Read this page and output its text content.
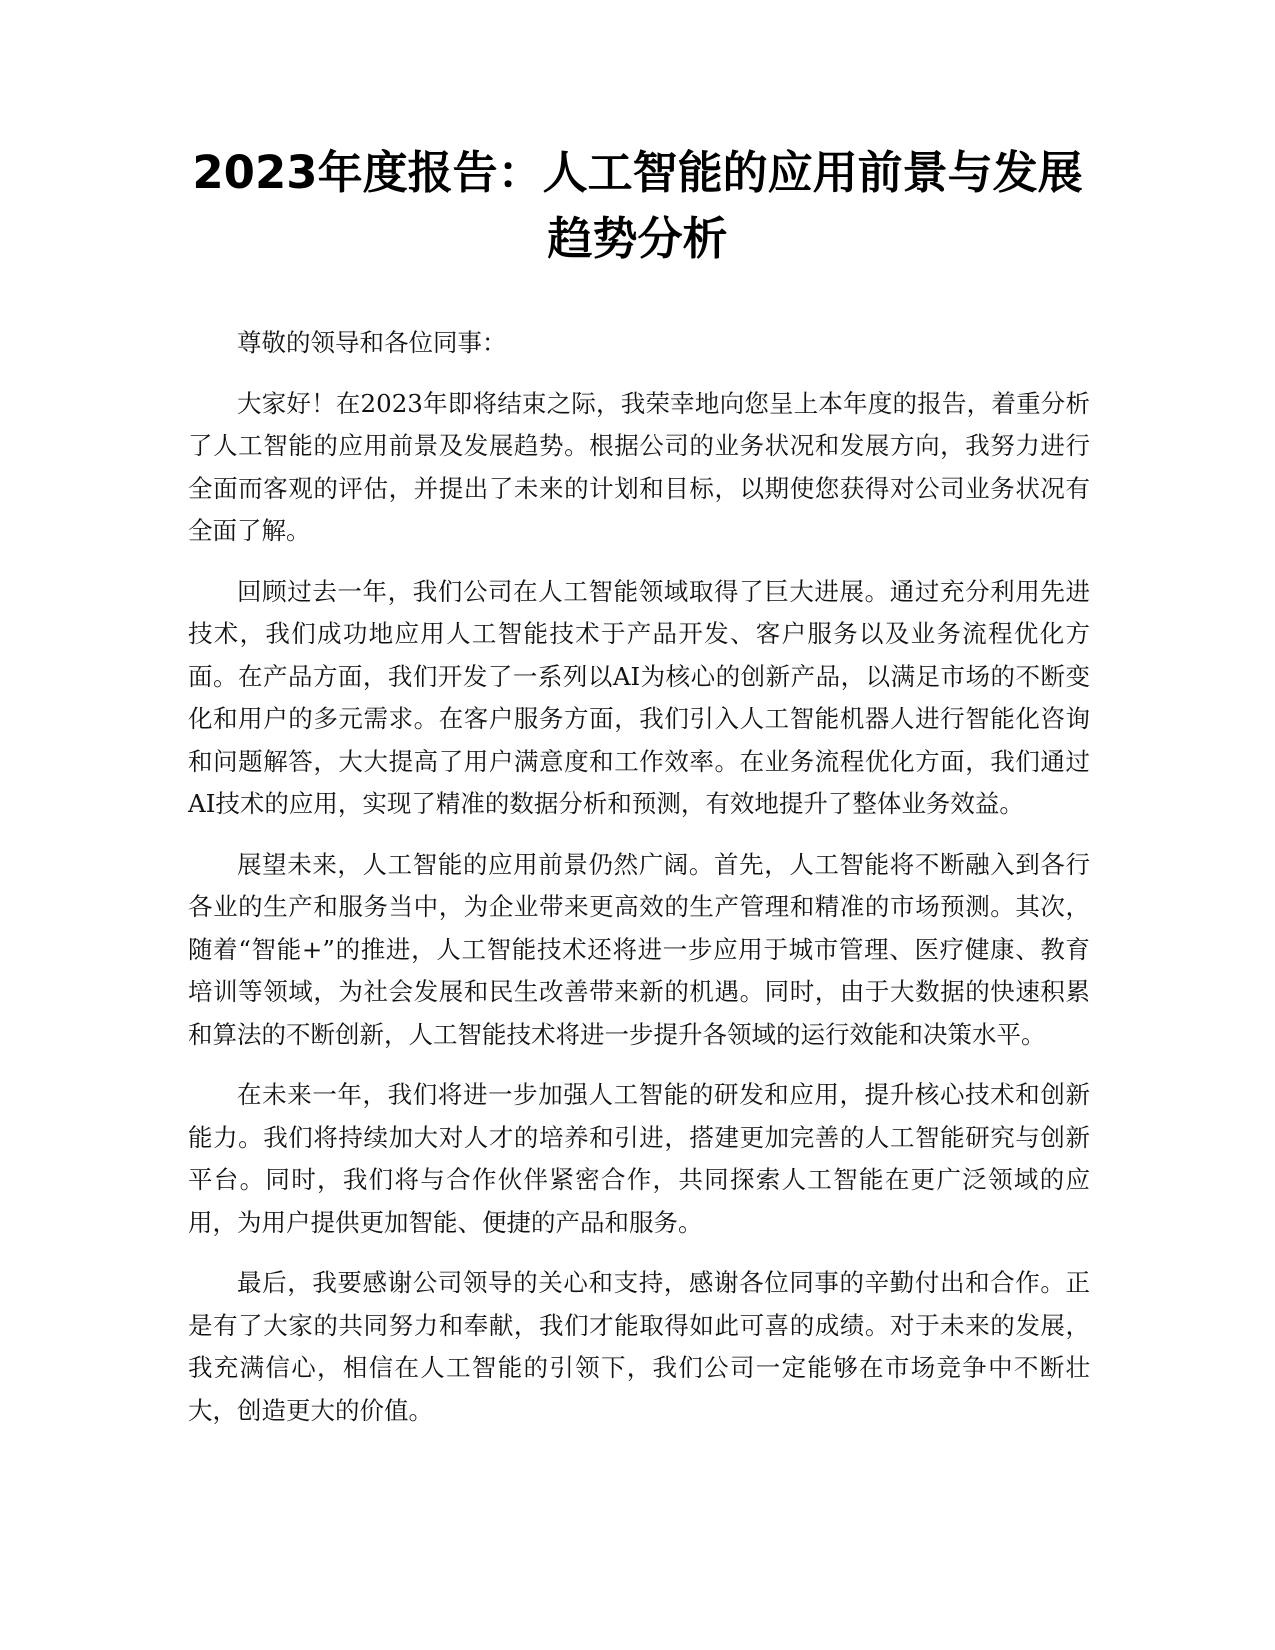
2023年度报告：人工智能的应用前景与发展趋势分析

尊敬的领导和各位同事：

大家好！在2023年即将结束之际，我荣幸地向您呈上本年度的报告，着重分析了人工智能的应用前景及发展趋势。根据公司的业务状况和发展方向，我努力进行全面而客观的评估，并提出了未来的计划和目标，以期使您获得对公司业务状况有全面了解。

回顾过去一年，我们公司在人工智能领域取得了巨大进展。通过充分利用先进技术，我们成功地应用人工智能技术于产品开发、客户服务以及业务流程优化方面。在产品方面，我们开发了一系列以AI为核心的创新产品，以满足市场的不断变化和用户的多元需求。在客户服务方面，我们引入人工智能机器人进行智能化咨询和问题解答，大大提高了用户满意度和工作效率。在业务流程优化方面，我们通过AI技术的应用，实现了精准的数据分析和预测，有效地提升了整体业务效益。

展望未来，人工智能的应用前景仍然广阔。首先，人工智能将不断融入到各行各业的生产和服务当中，为企业带来更高效的生产管理和精准的市场预测。其次，随着“智能+”的推进，人工智能技术还将进一步应用于城市管理、医疗健康、教育培训等领域，为社会发展和民生改善带来新的机遇。同时，由于大数据的快速积累和算法的不断创新，人工智能技术将进一步提升各领域的运行效能和决策水平。

在未来一年，我们将进一步加强人工智能的研发和应用，提升核心技术和创新能力。我们将持续加大对人才的培养和引进，搭建更加完善的人工智能研究与创新平台。同时，我们将与合作伙伴紧密合作，共同探索人工智能在更广泛领域的应用，为用户提供更加智能、便捷的产品和服务。

最后，我要感谢公司领导的关心和支持，感谢各位同事的辛勤付出和合作。正是有了大家的共同努力和奉献，我们才能取得如此可喜的成绩。对于未来的发展，我充满信心，相信在人工智能的引领下，我们公司一定能够在市场竞争中不断壮大，创造更大的价值。
